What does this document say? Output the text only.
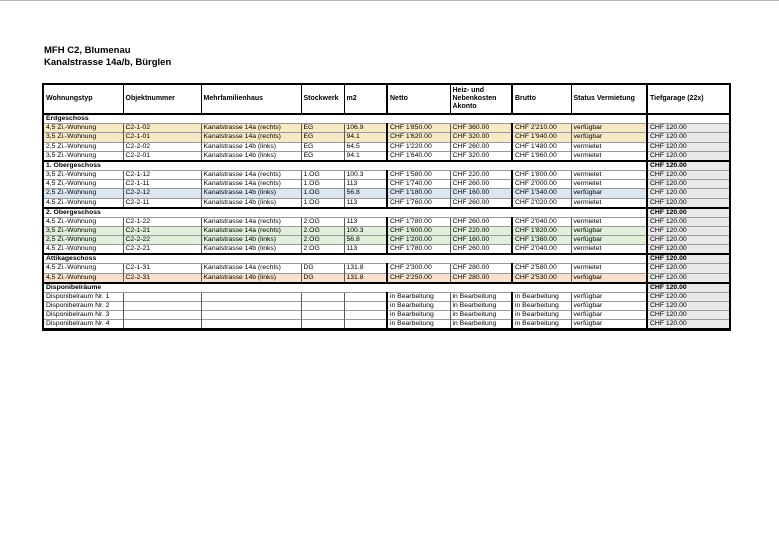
MFH C2, Blumenau
Kanalstrasse 14a/b, Bürglen
Wohnungstyp	Objektnummer	Mehrfamilienhaus	Stockwerk	m2	Netto	Heiz- und Nebenkosten Akonto	Brutto	Status Vermietung	Tiefgarage (22x)
Erdgeschoss									
4,5 Zi.-Wohnung	C2-1-02	Kanalstrasse 14a (rechts)	EG	106.9	CHF 1'850.00	CHF 360.00	CHF 2'210.00	verfügbar	CHF 120.00
3,5 Zi.-Wohnung	C2-1-01	Kanalstrasse 14a (rechts)	EG	94.1	CHF 1'620.00	CHF 320.00	CHF 1'940.00	verfügbar	CHF 120.00
2,5 Zi.-Wohnung	C2-2-02	Kanalstrasse 14b (links)	EG	64.5	CHF 1'220.00	CHF 260.00	CHF 1'480.00	vermietet	CHF 120.00
3,5 Zi.-Wohnung	C2-2-01	Kanalstrasse 14b (links)	EG	94.1	CHF 1'640.00	CHF 320.00	CHF 1'960.00	vermietet	CHF 120.00
1. Obergeschoss									CHF 120.00
3,5 Zi.-Wohnung	C2-1-12	Kanalstrasse 14a (rechts)	1.OG	100.3	CHF 1'580.00	CHF 220.00	CHF 1'800.00	vermietet	CHF 120.00
4,5 Zi.-Wohnung	C2-1-11	Kanalstrasse 14a (rechts)	1.OG	113	CHF 1'740.00	CHF 260.00	CHF 2'000.00	vermietet	CHF 120.00
2,5 Zi.-Wohnung	C2-2-12	Kanalstrasse 14b (links)	1.OG	56.8	CHF 1'180.00	CHF 160.00	CHF 1'340.00	verfügbar	CHF 120.00
4,5 Zi.-Wohnung	C2-2-11	Kanalstrasse 14b (links)	1.OG	113	CHF 1'760.00	CHF 260.00	CHF 2'020.00	vermietet	CHF 120.00
2. Obergeschoss									CHF 120.00
4,5 Zi.-Wohnung	C2-1-22	Kanalstrasse 14a (rechts)	2.OG	113	CHF 1'780.00	CHF 260.00	CHF 2'040.00	vermietet	CHF 120.00
3,5 Zi.-Wohnung	C2-1-21	Kanalstrasse 14a (rechts)	2.OG	100.3	CHF 1'600.00	CHF 220.00	CHF 1'820.00	verfügbar	CHF 120.00
2,5 Zi.-Wohnung	C2-2-22	Kanalstrasse 14b (links)	2.OG	56.8	CHF 1'200.00	CHF 160.00	CHF 1'360.00	verfügbar	CHF 120.00
4,5 Zi.-Wohnung	C2-2-21	Kanalstrasse 14b (links)	2.OG	113	CHF 1'780.00	CHF 260.00	CHF 2'040.00	vermietet	CHF 120.00
Attikageschoss									CHF 120.00
4,5 Zi.-Wohnung	C2-1-31	Kanalstrasse 14a (rechts)	DG	131.8	CHF 2'300.00	CHF 280.00	CHF 2'580.00	vermietet	CHF 120.00
4,5 Zi.-Wohnung	C2-2-31	Kanalstrasse 14b (links)	DG	131.8	CHF 2'250.00	CHF 280.00	CHF 2'530.00	verfügbar	CHF 120.00
Disponibelräume									CHF 120.00
Disponibelraum Nr. 1					in Bearbeitung	in Bearbeitung	in Bearbeitung	verfügbar	CHF 120.00
Disponibelraum Nr. 2					in Bearbeitung	in Bearbeitung	in Bearbeitung	verfügbar	CHF 120.00
Disponibelraum Nr. 3					in Bearbeitung	in Bearbeitung	in Bearbeitung	verfügbar	CHF 120.00
Disponibelraum Nr. 4					in Bearbeitung	in Bearbeitung	in Bearbeitung	verfügbar	CHF 120.00
